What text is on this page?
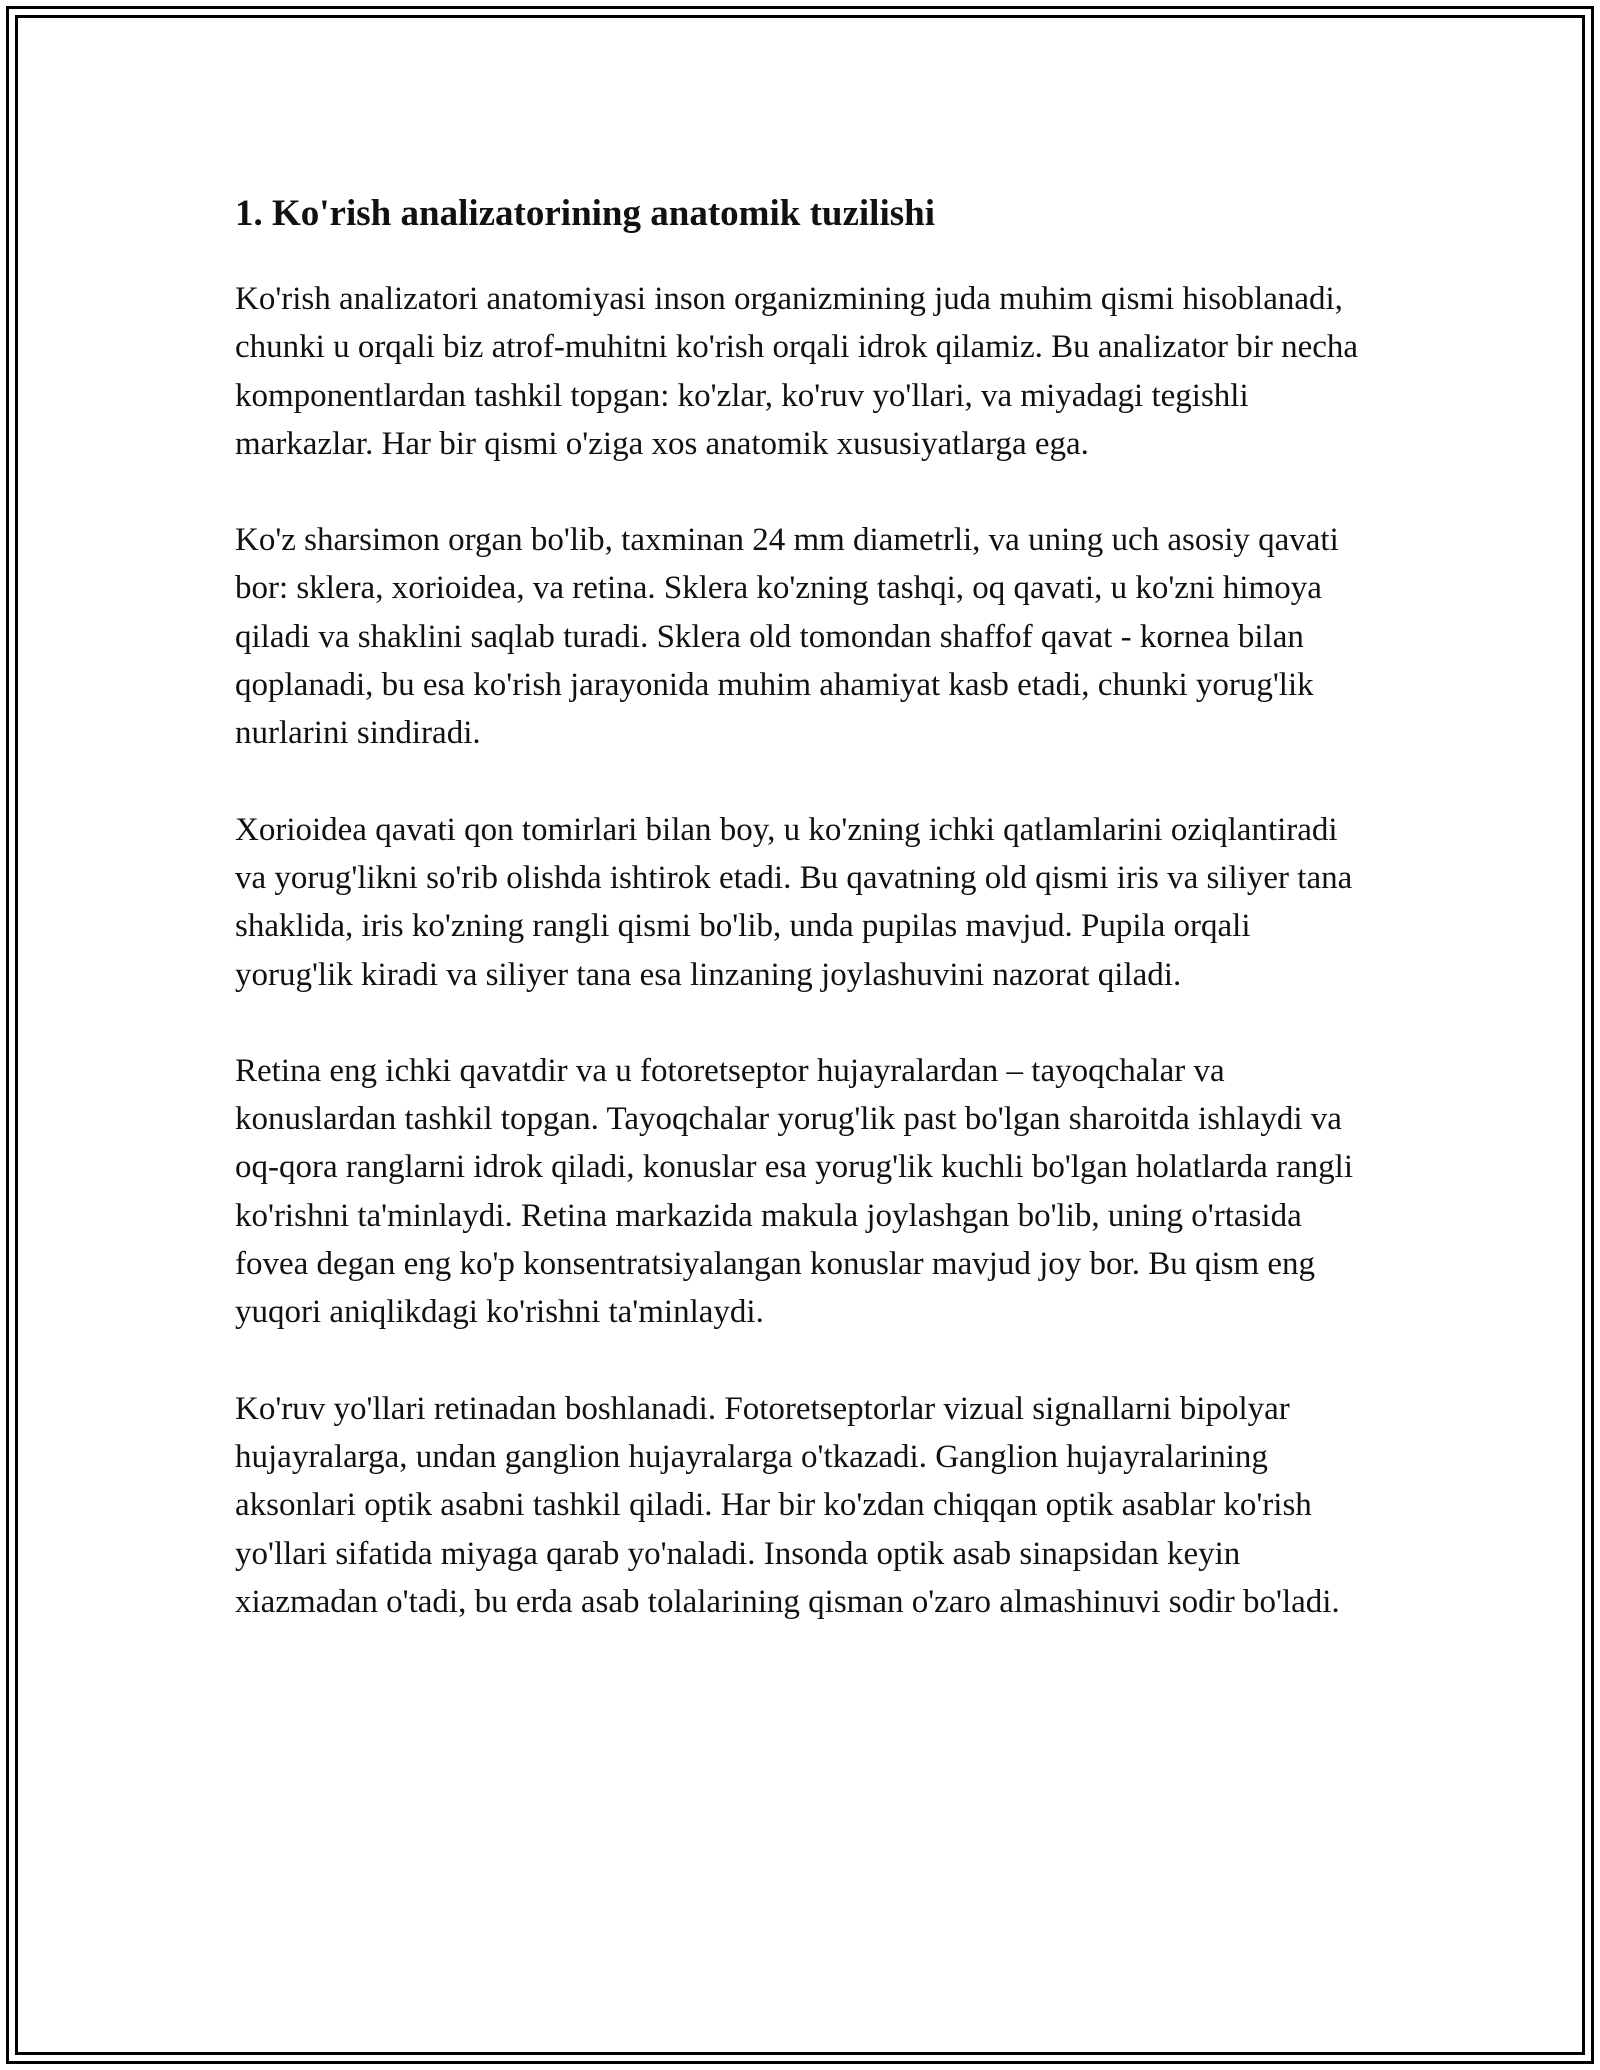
1. Ko'rish analizatorining anatomik tuzilishi

Ko'rish analizatori anatomiyasi inson organizmining juda muhim qismi hisoblanadi, chunki u orqali biz atrof-muhitni ko'rish orqali idrok qilamiz. Bu analizator bir necha komponentlardan tashkil topgan: ko'zlar, ko'ruv yo'llari, va miyadagi tegishli markazlar. Har bir qismi o'ziga xos anatomik xususiyatlarga ega.

Ko'z sharsimon organ bo'lib, taxminan 24 mm diametrli, va uning uch asosiy qavati bor: sklera, xorioidea, va retina. Sklera ko'zning tashqi, oq qavati, u ko'zni himoya qiladi va shaklini saqlab turadi. Sklera old tomondan shaffof qavat - kornea bilan qoplanadi, bu esa ko'rish jarayonida muhim ahamiyat kasb etadi, chunki yorug'lik nurlarini sindiradi.

Xorioidea qavati qon tomirlari bilan boy, u ko'zning ichki qatlamlarini oziqlantiradi va yorug'likni so'rib olishda ishtirok etadi. Bu qavatning old qismi iris va siliyer tana shaklida, iris ko'zning rangli qismi bo'lib, unda pupilas mavjud. Pupila orqali yorug'lik kiradi va siliyer tana esa linzaning joylashuvini nazorat qiladi.

Retina eng ichki qavatdir va u fotoretseptor hujayralardan – tayoqchalar va konuslardan tashkil topgan. Tayoqchalar yorug'lik past bo'lgan sharoitda ishlaydi va oq-qora ranglarni idrok qiladi, konuslar esa yorug'lik kuchli bo'lgan holatlarda rangli ko'rishni ta'minlaydi. Retina markazida makula joylashgan bo'lib, uning o'rtasida fovea degan eng ko'p konsentratsiyalangan konuslar mavjud joy bor. Bu qism eng yuqori aniqlikdagi ko'rishni ta'minlaydi.

Ko'ruv yo'llari retinadan boshlanadi. Fotoretseptorlar vizual signallarni bipolyar hujayralarga, undan ganglion hujayralarga o'tkazadi. Ganglion hujayralarining aksonlari optik asabni tashkil qiladi. Har bir ko'zdan chiqqan optik asablar ko'rish yo'llari sifatida miyaga qarab yo'naladi. Insonda optik asab sinapsidan keyin xiazmadan o'tadi, bu erda asab tolalarining qisman o'zaro almashinuvi sodir bo'ladi.
